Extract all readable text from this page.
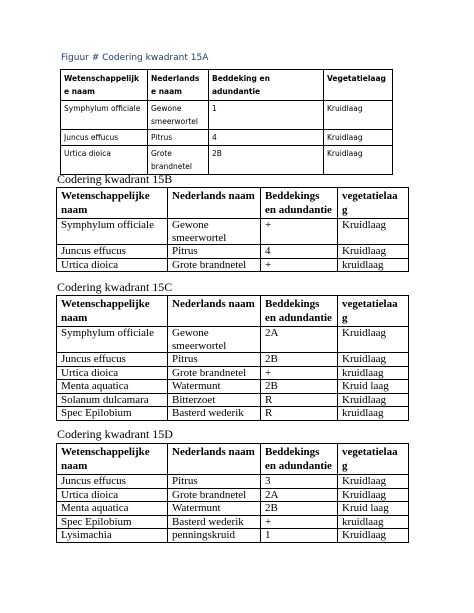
Figuur # Codering kwadrant 15A
Wetenschappelijk e naam	Nederlands e naam	Beddeking en adundantie	Vegetatielaag
Symphylum officiale	Gewone smeerwortel	1	Kruidlaag
Juncus effucus	Pitrus	4	Kruidlaag
Urtica dioica	Grote brandnetel	2B	Kruidlaag
Codering kwadrant 15B
Wetenschappelijke naam	Nederlands naam	Beddekings en adundantie	vegetatielaa g
Symphylum officiale	Gewone smeerwortel	+	Kruidlaag
Juncus effucus	Pitrus	4	Kruidlaag
Urtica dioica	Grote brandnetel	+	kruidlaag
Codering kwadrant 15C
Wetenschappelijke naam	Nederlands naam	Beddekings en adundantie	vegetatielaa g
Symphylum officiale	Gewone smeerwortel	2A	Kruidlaag
Juncus effucus	Pitrus	2B	Kruidlaag
Urtica dioica	Grote brandnetel	+	kruidlaag
Menta aquatica	Watermunt	2B	Kruid laag
Solanum dulcamara	Bitterzoet	R	Kruidlaag
Spec Epilobium	Basterd wederik	R	kruidlaag
Codering kwadrant 15D
Wetenschappelijke naam	Nederlands naam	Beddekings en adundantie	vegetatielaa g
Juncus effucus	Pitrus	3	Kruidlaag
Urtica dioica	Grote brandnetel	2A	Kruidlaag
Menta aquatica	Watermunt	2B	Kruid laag
Spec Epilobium	Basterd wederik	+	kruidlaag
Lysimachia	penningskruid	1	Kruidlaag
